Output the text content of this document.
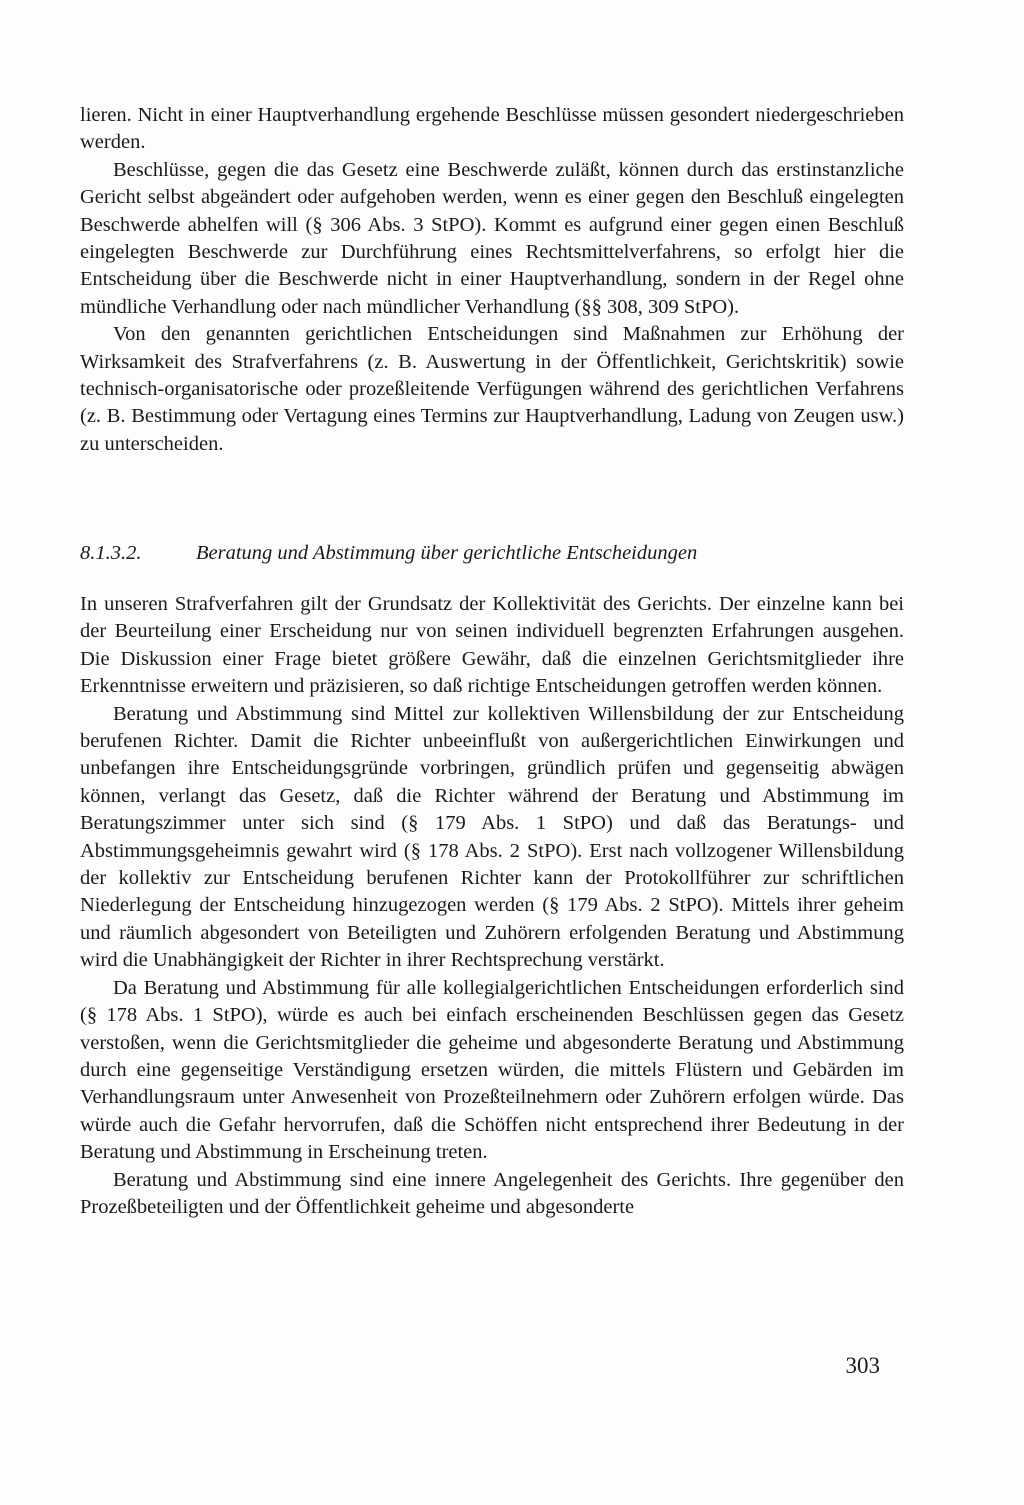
lieren. Nicht in einer Hauptverhandlung ergehende Beschlüsse müssen gesondert niedergeschrieben werden.

Beschlüsse, gegen die das Gesetz eine Beschwerde zuläßt, können durch das erstinstanzliche Gericht selbst abgeändert oder aufgehoben werden, wenn es einer gegen den Beschluß eingelegten Beschwerde abhelfen will (§ 306 Abs. 3 StPO). Kommt es aufgrund einer gegen einen Beschluß eingelegten Beschwerde zur Durchführung eines Rechtsmittelverfahrens, so erfolgt hier die Entscheidung über die Beschwerde nicht in einer Hauptverhandlung, sondern in der Regel ohne mündliche Verhandlung oder nach mündlicher Verhandlung (§§ 308, 309 StPO).

Von den genannten gerichtlichen Entscheidungen sind Maßnahmen zur Erhöhung der Wirksamkeit des Strafverfahrens (z. B. Auswertung in der Öffentlichkeit, Gerichtskritik) sowie technisch-organisatorische oder prozeßleitende Verfügungen während des gerichtlichen Verfahrens (z. B. Bestimmung oder Vertagung eines Termins zur Hauptverhandlung, Ladung von Zeugen usw.) zu unterscheiden.

8.1.3.2.	Beratung und Abstimmung über gerichtliche Entscheidungen

In unseren Strafverfahren gilt der Grundsatz der Kollektivität des Gerichts. Der einzelne kann bei der Beurteilung einer Erscheidung nur von seinen individuell begrenzten Erfahrungen ausgehen. Die Diskussion einer Frage bietet größere Gewähr, daß die einzelnen Gerichtsmitglieder ihre Erkenntnisse erweitern und präzisieren, so daß richtige Entscheidungen getroffen werden können.

Beratung und Abstimmung sind Mittel zur kollektiven Willensbildung der zur Entscheidung berufenen Richter. Damit die Richter unbeeinflußt von außergerichtlichen Einwirkungen und unbefangen ihre Entscheidungsgründe vorbringen, gründlich prüfen und gegenseitig abwägen können, verlangt das Gesetz, daß die Richter während der Beratung und Abstimmung im Beratungszimmer unter sich sind (§ 179 Abs. 1 StPO) und daß das Beratungs- und Abstimmungsgeheimnis gewahrt wird (§ 178 Abs. 2 StPO). Erst nach vollzogener Willensbildung der kollektiv zur Entscheidung berufenen Richter kann der Protokollführer zur schriftlichen Niederlegung der Entscheidung hinzugezogen werden (§ 179 Abs. 2 StPO). Mittels ihrer geheim und räumlich abgesondert von Beteiligten und Zuhörern erfolgenden Beratung und Abstimmung wird die Unabhängigkeit der Richter in ihrer Rechtsprechung verstärkt.

Da Beratung und Abstimmung für alle kollegialgerichtlichen Entscheidungen erforderlich sind (§ 178 Abs. 1 StPO), würde es auch bei einfach erscheinenden Beschlüssen gegen das Gesetz verstoßen, wenn die Gerichtsmitglieder die geheime und abgesonderte Beratung und Abstimmung durch eine gegenseitige Verständigung ersetzen würden, die mittels Flüstern und Gebärden im Verhandlungsraum unter Anwesenheit von Prozeßteilnehmern oder Zuhörern erfolgen würde. Das würde auch die Gefahr hervorrufen, daß die Schöffen nicht entsprechend ihrer Bedeutung in der Beratung und Abstimmung in Erscheinung treten.

Beratung und Abstimmung sind eine innere Angelegenheit des Gerichts. Ihre gegenüber den Prozeßbeteiligten und der Öffentlichkeit geheime und abgesonderte

303
